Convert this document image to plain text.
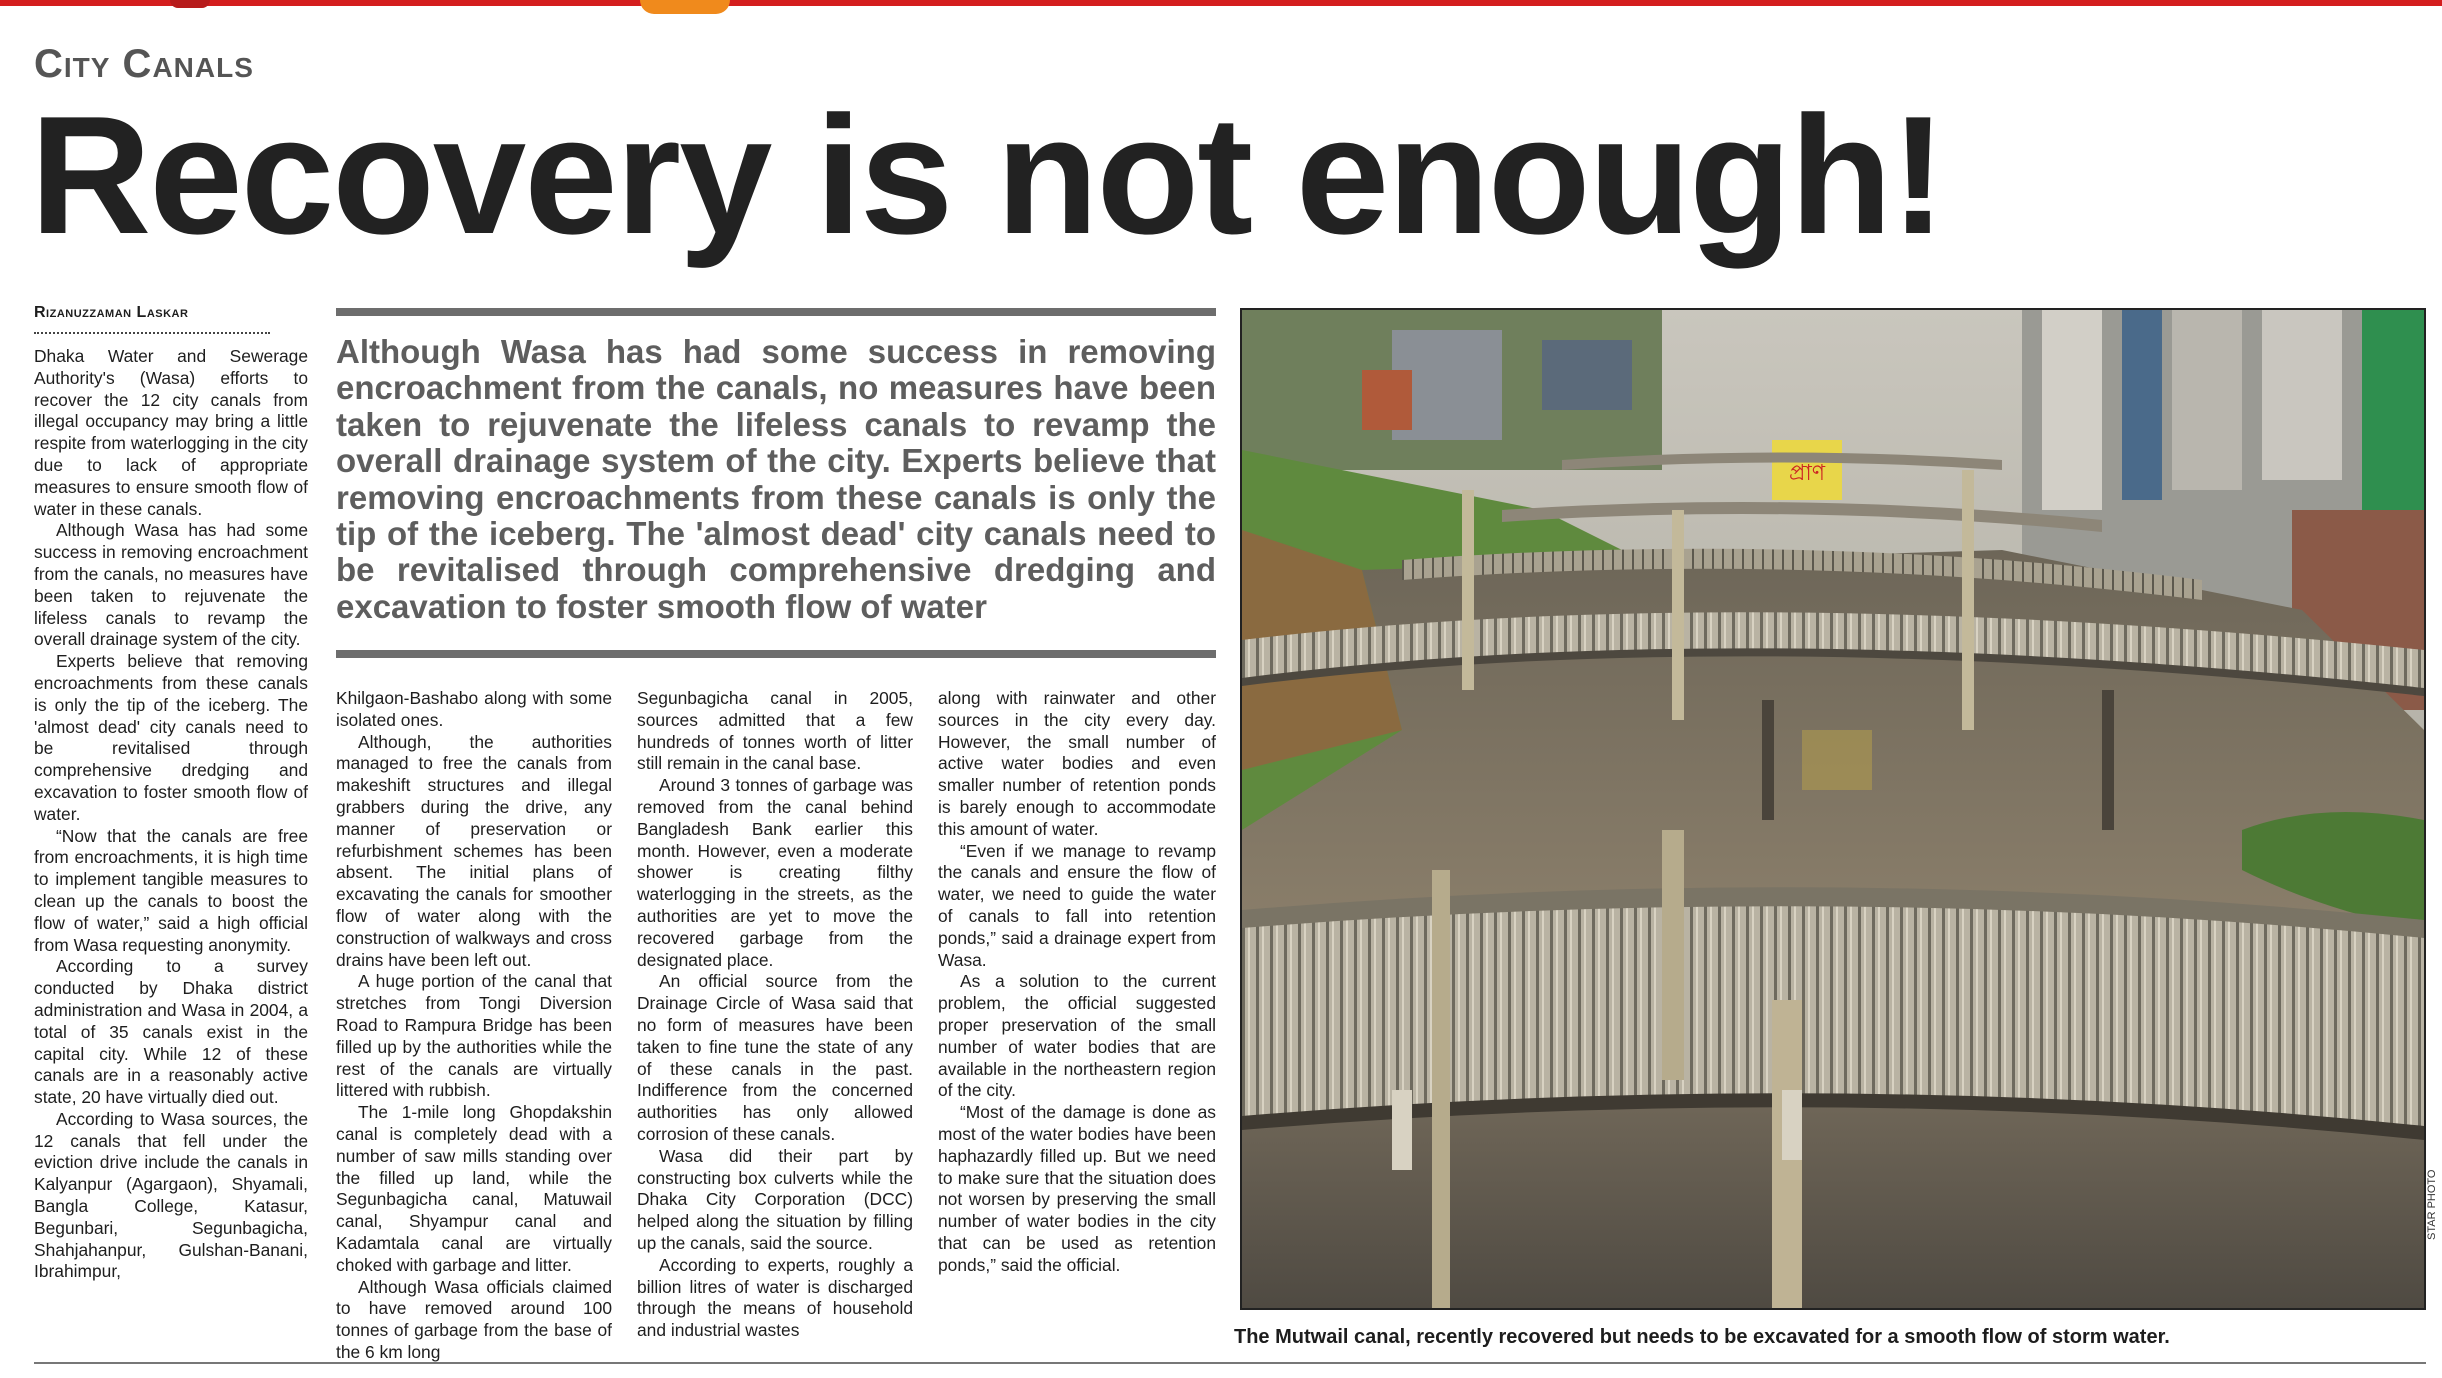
City Canals
Recovery is not enough!
Rizanuzzaman Laskar
Although Wasa has had some success in removing encroachment from the canals, no measures have been taken to rejuvenate the lifeless canals to revamp the overall drainage system of the city. Experts believe that removing encroachments from these canals is only the tip of the iceberg. The 'almost dead' city canals need to be revitalised through comprehensive dredging and excavation to foster smooth flow of water

Dhaka Water and Sewerage Authority's (Wasa) efforts to recover the 12 city canals from illegal occupancy may bring a little respite from waterlogging in the city due to lack of appropriate measures to ensure smooth flow of water in these canals.

Although Wasa has had some success in removing encroachment from the canals, no measures have been taken to rejuvenate the lifeless canals to revamp the overall drainage system of the city.

Experts believe that removing encroachments from these canals is only the tip of the iceberg. The 'almost dead' city canals need to be revitalised through comprehensive dredging and excavation to foster smooth flow of water.

“Now that the canals are free from encroachments, it is high time to implement tangible measures to clean up the canals to boost the flow of water,” said a high official from Wasa requesting anonymity.

According to a survey conducted by Dhaka district administration and Wasa in 2004, a total of 35 canals exist in the capital city. While 12 of these canals are in a reasonably active state, 20 have virtually died out.

According to Wasa sources, the 12 canals that fell under the eviction drive include the canals in Kalyanpur (Agargaon), Shyamali, Bangla College, Katasur, Begunbari, Segunbagicha, Shahjahanpur, Gulshan-Banani, Ibrahimpur,

Khilgaon-Bashabo along with some isolated ones.

Although, the authorities managed to free the canals from makeshift structures and illegal grabbers during the drive, any manner of preservation or refurbishment schemes has been absent. The initial plans of excavating the canals for smoother flow of water along with the construction of walkways and cross drains have been left out.

A huge portion of the canal that stretches from Tongi Diversion Road to Rampura Bridge has been filled up by the authorities while the rest of the canals are virtually littered with rubbish.

The 1-mile long Ghopdakshin canal is completely dead with a number of saw mills standing over the filled up land, while the Segunbagicha canal, Matuwail canal, Shyampur canal and Kadamtala canal are virtually choked with garbage and litter.

Although Wasa officials claimed to have removed around 100 tonnes of garbage from the base of the 6 km long

Segunbagicha canal in 2005, sources admitted that a few hundreds of tonnes worth of litter still remain in the canal base.

Around 3 tonnes of garbage was removed from the canal behind Bangladesh Bank earlier this month. However, even a moderate shower is creating filthy waterlogging in the streets, as the authorities are yet to move the recovered garbage from the designated place.

An official source from the Drainage Circle of Wasa said that no form of measures have been taken to fine tune the state of any of these canals in the past. Indifference from the concerned authorities has only allowed corrosion of these canals.

Wasa did their part by constructing box culverts while the Dhaka City Corporation (DCC) helped along the situation by filling up the canals, said the source.

According to experts, roughly a billion litres of water is discharged through the means of household and industrial wastes

along with rainwater and other sources in the city every day. However, the small number of active water bodies and even smaller number of retention ponds is barely enough to accommodate this amount of water.

“Even if we manage to revamp the canals and ensure the flow of water, we need to guide the water of canals to fall into retention ponds,” said a drainage expert from Wasa.

As a solution to the current problem, the official suggested proper preservation of the small number of water bodies that are available in the northeastern region of the city.

“Most of the damage is done as most of the water bodies have been haphazardly filled up. But we need to make sure that the situation does not worsen by preserving the small number of water bodies in the city that can be used as retention ponds,” said the official.

প্রাণ
STAR PHOTO
The Mutwail canal, recently recovered but needs to be excavated for a smooth flow of storm water.
